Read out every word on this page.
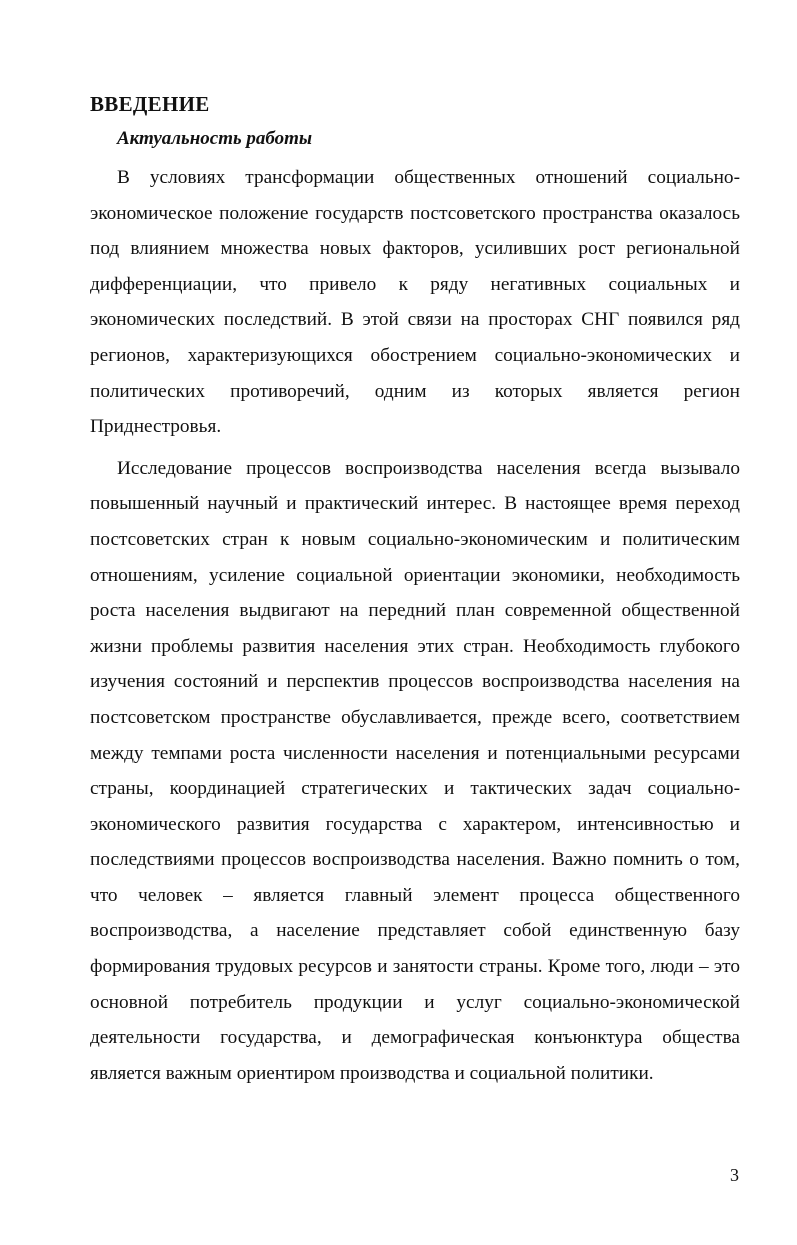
ВВЕДЕНИЕ
Актуальность работы

В условиях трансформации общественных отношений социально-экономическое положение государств постсоветского пространства оказалось под влиянием множества новых факторов, усиливших рост региональной дифференциации, что привело к ряду негативных социальных и экономических последствий. В этой связи на просторах СНГ появился ряд регионов, характеризующихся обострением социально-экономических и политических противоречий, одним из которых является регион Приднестровья.

Исследование процессов воспроизводства населения всегда вызывало повышенный научный и практический интерес. В настоящее время переход постсоветских стран к новым социально-экономическим и политическим отношениям, усиление социальной ориентации экономики, необходимость роста населения выдвигают на передний план современной общественной жизни проблемы развития населения этих стран. Необходимость глубокого изучения состояний и перспектив процессов воспроизводства населения на постсоветском пространстве обуславливается, прежде всего, соответствием между темпами роста численности населения и потенциальными ресурсами страны, координацией стратегических и тактических задач социально-экономического развития государства с характером, интенсивностью и последствиями процессов воспроизводства населения. Важно помнить о том, что человек – является главный элемент процесса общественного воспроизводства, а население представляет собой единственную базу формирования трудовых ресурсов и занятости страны. Кроме того, люди – это основной потребитель продукции и услуг социально-экономической деятельности государства, и демографическая конъюнктура общества является важным ориентиром производства и социальной политики.

3
